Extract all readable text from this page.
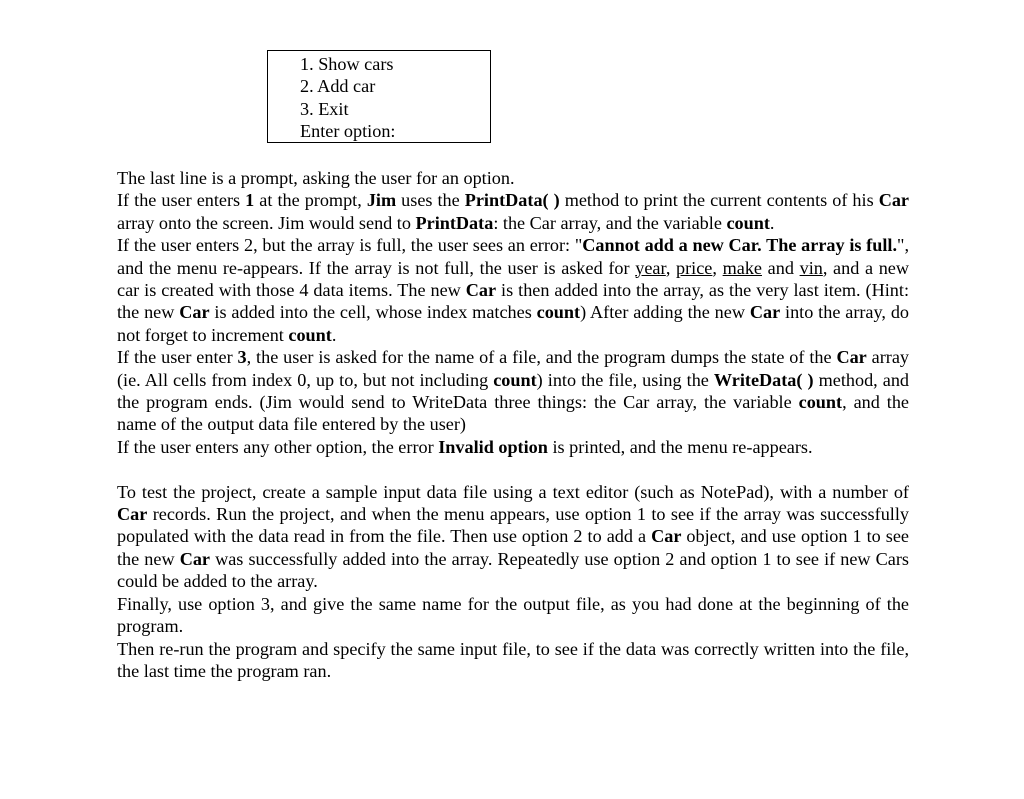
1. Show cars
2. Add car
3. Exit
Enter option:

The last line is a prompt, asking the user for an option.

If the user enters 1 at the prompt, Jim uses the PrintData( ) method to print the current contents of his Car array onto the screen. Jim would send to PrintData: the Car array, and the variable count.

If the user enters 2, but the array is full, the user sees an error: "Cannot add a new Car. The array is full.", and the menu re-appears. If the array is not full, the user is asked for year, price, make and vin, and a new car is created with those 4 data items. The new Car is then added into the array, as the very last item. (Hint: the new Car is added into the cell, whose index matches count) After adding the new Car into the array, do not forget to increment count.

If the user enter 3, the user is asked for the name of a file, and the program dumps the state of the Car array (ie. All cells from index 0, up to, but not including count) into the file, using the WriteData( ) method, and the program ends. (Jim would send to WriteData three things: the Car array, the variable count, and the name of the output data file entered by the user)

If the user enters any other option, the error Invalid option is printed, and the menu re-appears.

To test the project, create a sample input data file using a text editor (such as NotePad), with a number of Car records. Run the project, and when the menu appears, use option 1 to see if the array was successfully populated with the data read in from the file. Then use option 2 to add a Car object, and use option 1 to see the new Car was successfully added into the array. Repeatedly use option 2 and option 1 to see if new Cars could be added to the array.

Finally, use option 3, and give the same name for the output file, as you had done at the beginning of the program.

Then re-run the program and specify the same input file, to see if the data was correctly written into the file, the last time the program ran.
